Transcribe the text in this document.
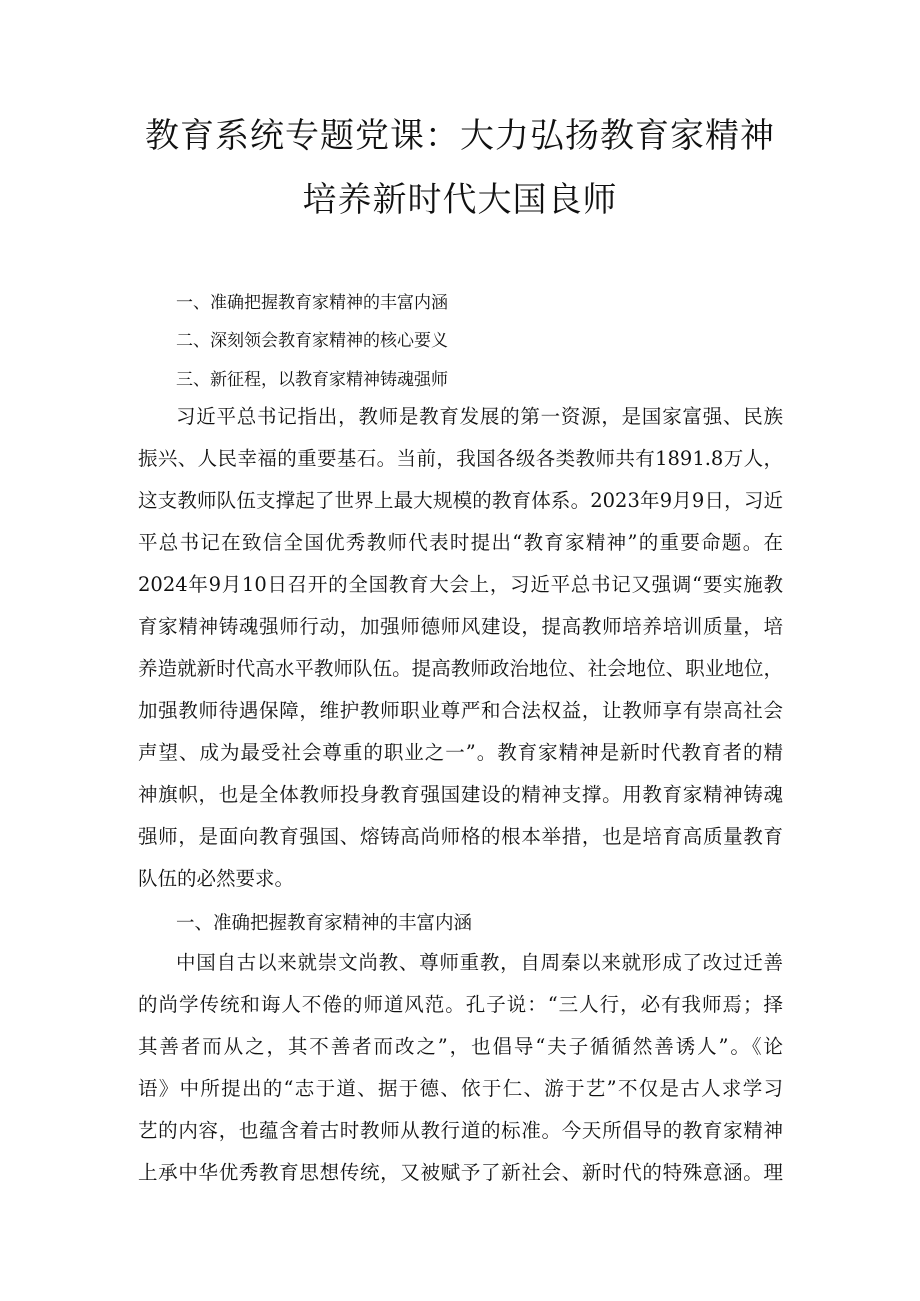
教育系统专题党课：大力弘扬教育家精神
培养新时代大国良师
一、准确把握教育家精神的丰富内涵
二、深刻领会教育家精神的核心要义
三、新征程，以教育家精神铸魂强师
习近平总书记指出，教师是教育发展的第一资源，是国家富强、民族
振兴、人民幸福的重要基石。当前，我国各级各类教师共有1891.8万人，
这支教师队伍支撑起了世界上最大规模的教育体系。2023年9月9日，习近
平总书记在致信全国优秀教师代表时提出“教育家精神”的重要命题。在
2024年9月10日召开的全国教育大会上，习近平总书记又强调“要实施教
育家精神铸魂强师行动，加强师德师风建设，提高教师培养培训质量，培
养造就新时代高水平教师队伍。提高教师政治地位、社会地位、职业地位，
加强教师待遇保障，维护教师职业尊严和合法权益，让教师享有崇高社会
声望、成为最受社会尊重的职业之一”。教育家精神是新时代教育者的精
神旗帜，也是全体教师投身教育强国建设的精神支撑。用教育家精神铸魂
强师，是面向教育强国、熔铸高尚师格的根本举措，也是培育高质量教育
队伍的必然要求。
一、准确把握教育家精神的丰富内涵
中国自古以来就崇文尚教、尊师重教，自周秦以来就形成了改过迁善
的尚学传统和诲人不倦的师道风范。孔子说：“三人行，必有我师焉；择
其善者而从之，其不善者而改之”，也倡导“夫子循循然善诱人”。《论
语》中所提出的“志于道、据于德、依于仁、游于艺”不仅是古人求学习
艺的内容，也蕴含着古时教师从教行道的标准。今天所倡导的教育家精神
上承中华优秀教育思想传统，又被赋予了新社会、新时代的特殊意涵。理
